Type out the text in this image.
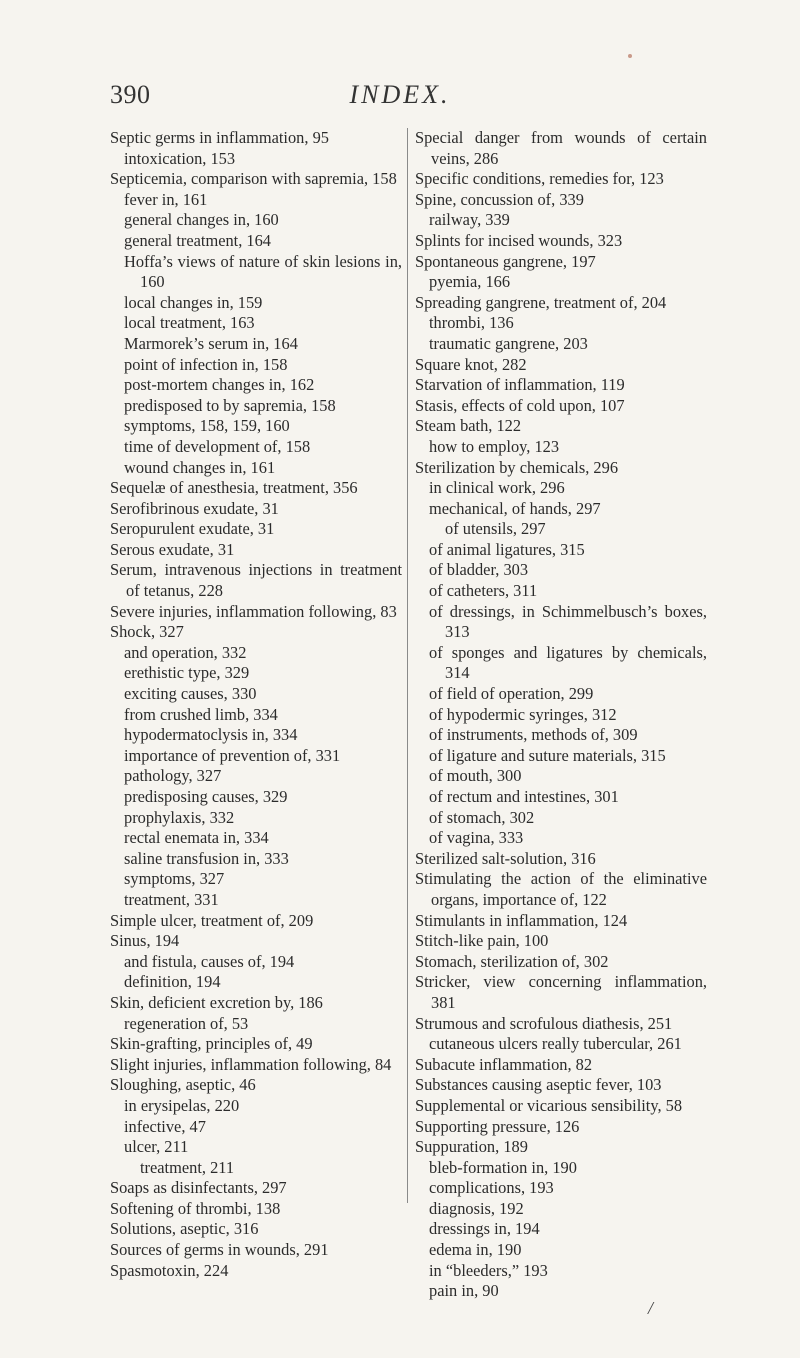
390	INDEX.

Septic germs in inflammation, 95

intoxication, 153

Septicemia, comparison with sapremia, 158

fever in, 161

general changes in, 160

general treatment, 164

Hoffa’s views of nature of skin lesions in, 160

local changes in, 159

local treatment, 163

Marmorek’s serum in, 164

point of infection in, 158

post-mortem changes in, 162

predisposed to by sapremia, 158

symptoms, 158, 159, 160

time of development of, 158

wound changes in, 161

Sequelæ of anesthesia, treatment, 356

Serofibrinous exudate, 31

Seropurulent exudate, 31

Serous exudate, 31

Serum, intravenous injections in treatment of tetanus, 228

Severe injuries, inflammation following, 83

Shock, 327

and operation, 332

erethistic type, 329

exciting causes, 330

from crushed limb, 334

hypodermatoclysis in, 334

importance of prevention of, 331

pathology, 327

predisposing causes, 329

prophylaxis, 332

rectal enemata in, 334

saline transfusion in, 333

symptoms, 327

treatment, 331

Simple ulcer, treatment of, 209

Sinus, 194

and fistula, causes of, 194

definition, 194

Skin, deficient excretion by, 186

regeneration of, 53

Skin-grafting, principles of, 49

Slight injuries, inflammation following, 84

Sloughing, aseptic, 46

in erysipelas, 220

infective, 47

ulcer, 211

treatment, 211

Soaps as disinfectants, 297

Softening of thrombi, 138

Solutions, aseptic, 316

Sources of germs in wounds, 291

Spasmotoxin, 224

Special danger from wounds of certain veins, 286

Specific conditions, remedies for, 123

Spine, concussion of, 339

railway, 339

Splints for incised wounds, 323

Spontaneous gangrene, 197

pyemia, 166

Spreading gangrene, treatment of, 204

thrombi, 136

traumatic gangrene, 203

Square knot, 282

Starvation of inflammation, 119

Stasis, effects of cold upon, 107

Steam bath, 122

how to employ, 123

Sterilization by chemicals, 296

in clinical work, 296

mechanical, of hands, 297

of utensils, 297

of animal ligatures, 315

of bladder, 303

of catheters, 311

of dressings, in Schimmelbusch’s boxes, 313

of sponges and ligatures by chemicals, 314

of field of operation, 299

of hypodermic syringes, 312

of instruments, methods of, 309

of ligature and suture materials, 315

of mouth, 300

of rectum and intestines, 301

of stomach, 302

of vagina, 333

Sterilized salt-solution, 316

Stimulating the action of the eliminative organs, importance of, 122

Stimulants in inflammation, 124

Stitch-like pain, 100

Stomach, sterilization of, 302

Stricker, view concerning inflammation, 381

Strumous and scrofulous diathesis, 251

cutaneous ulcers really tubercular, 261

Subacute inflammation, 82

Substances causing aseptic fever, 103

Supplemental or vicarious sensibility, 58

Supporting pressure, 126

Suppuration, 189

bleb-formation in, 190

complications, 193

diagnosis, 192

dressings in, 194

edema in, 190

in “bleeders,” 193

pain in, 90

/
